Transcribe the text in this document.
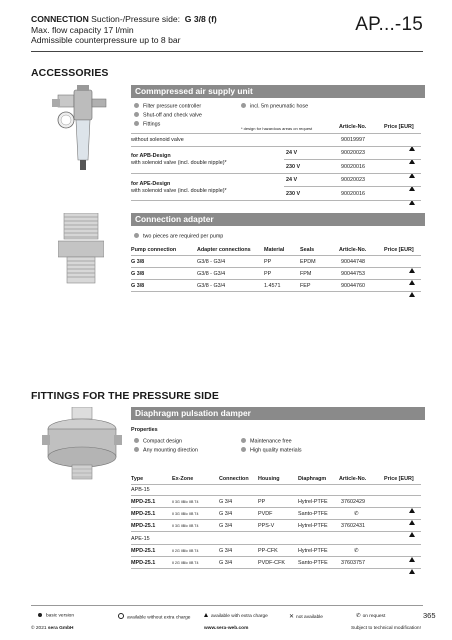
CONNECTION Suction-/Pressure side: G 3/8 (f)
Max. flow capacity 17 l/min
Admissible counterpressure up to 8 bar
AP...-15
ACCESSORIES
Commpressed air supply unit
Filter pressure controller
Shut-off and check valve
Fittings
incl. 5m pneumatic hose
* design for hazardous areas on request	Article-No.	Price [EUR]
without solenoid valve	90019997
for APB-Design
with solenoid valve (incl. double nipple)*
24 V	90020023
230 V	90020016
for APE-Design
with solenoid valve (incl. double nipple)*
24 V	90020023
230 V	90020016
Connection adapter
two pieces are required per pump
Pump connection	Adapter connections Material	Seals	Article-No.	Price [EUR]
G 3/8	G3/8 - G3/4	PP	EPDM	90044748
G 3/8	G3/8 - G3/4	PP	FPM	90044753
G 3/8	G3/8 - G3/4	1.4571	FEP	90044760
FITTINGS FOR THE PRESSURE SIDE
Diaphragm pulsation damper
Properties
Compact design
Any mounting direction
Maintenance free
High quality materials
Type	Ex-Zone	Connection Housing	Diaphragm Article-No.	Price [EUR]
APB-15
MPD-25.1	II 3G IIB/c IIB T4	G 3/4	PP	Hytrel-PTFE 37602429
MPD-25.1	II 3G IIB/c IIB T4	G 3/4	PVDF	Santo-PTFE	✆
MPD-25.1	II 3G IIB/c IIB T4	G 3/4	PPS-V	Hytrel-PTFE 37602431
APE-15
MPD-25.1	II 2G IIB/c IIB T4	G 3/4	PP-CFK	Hytrel-PTFE	✆
MPD-25.1	II 2G IIB/c IIB T4	G 3/4	PVDF-CFK Santo-PTFE 37603757
basic version	available without extra charge	available with extra charge	✕ not available	✆ on request	365
© 2021 sera GmbH	www.sera-web.com	Subject to technical modification!
